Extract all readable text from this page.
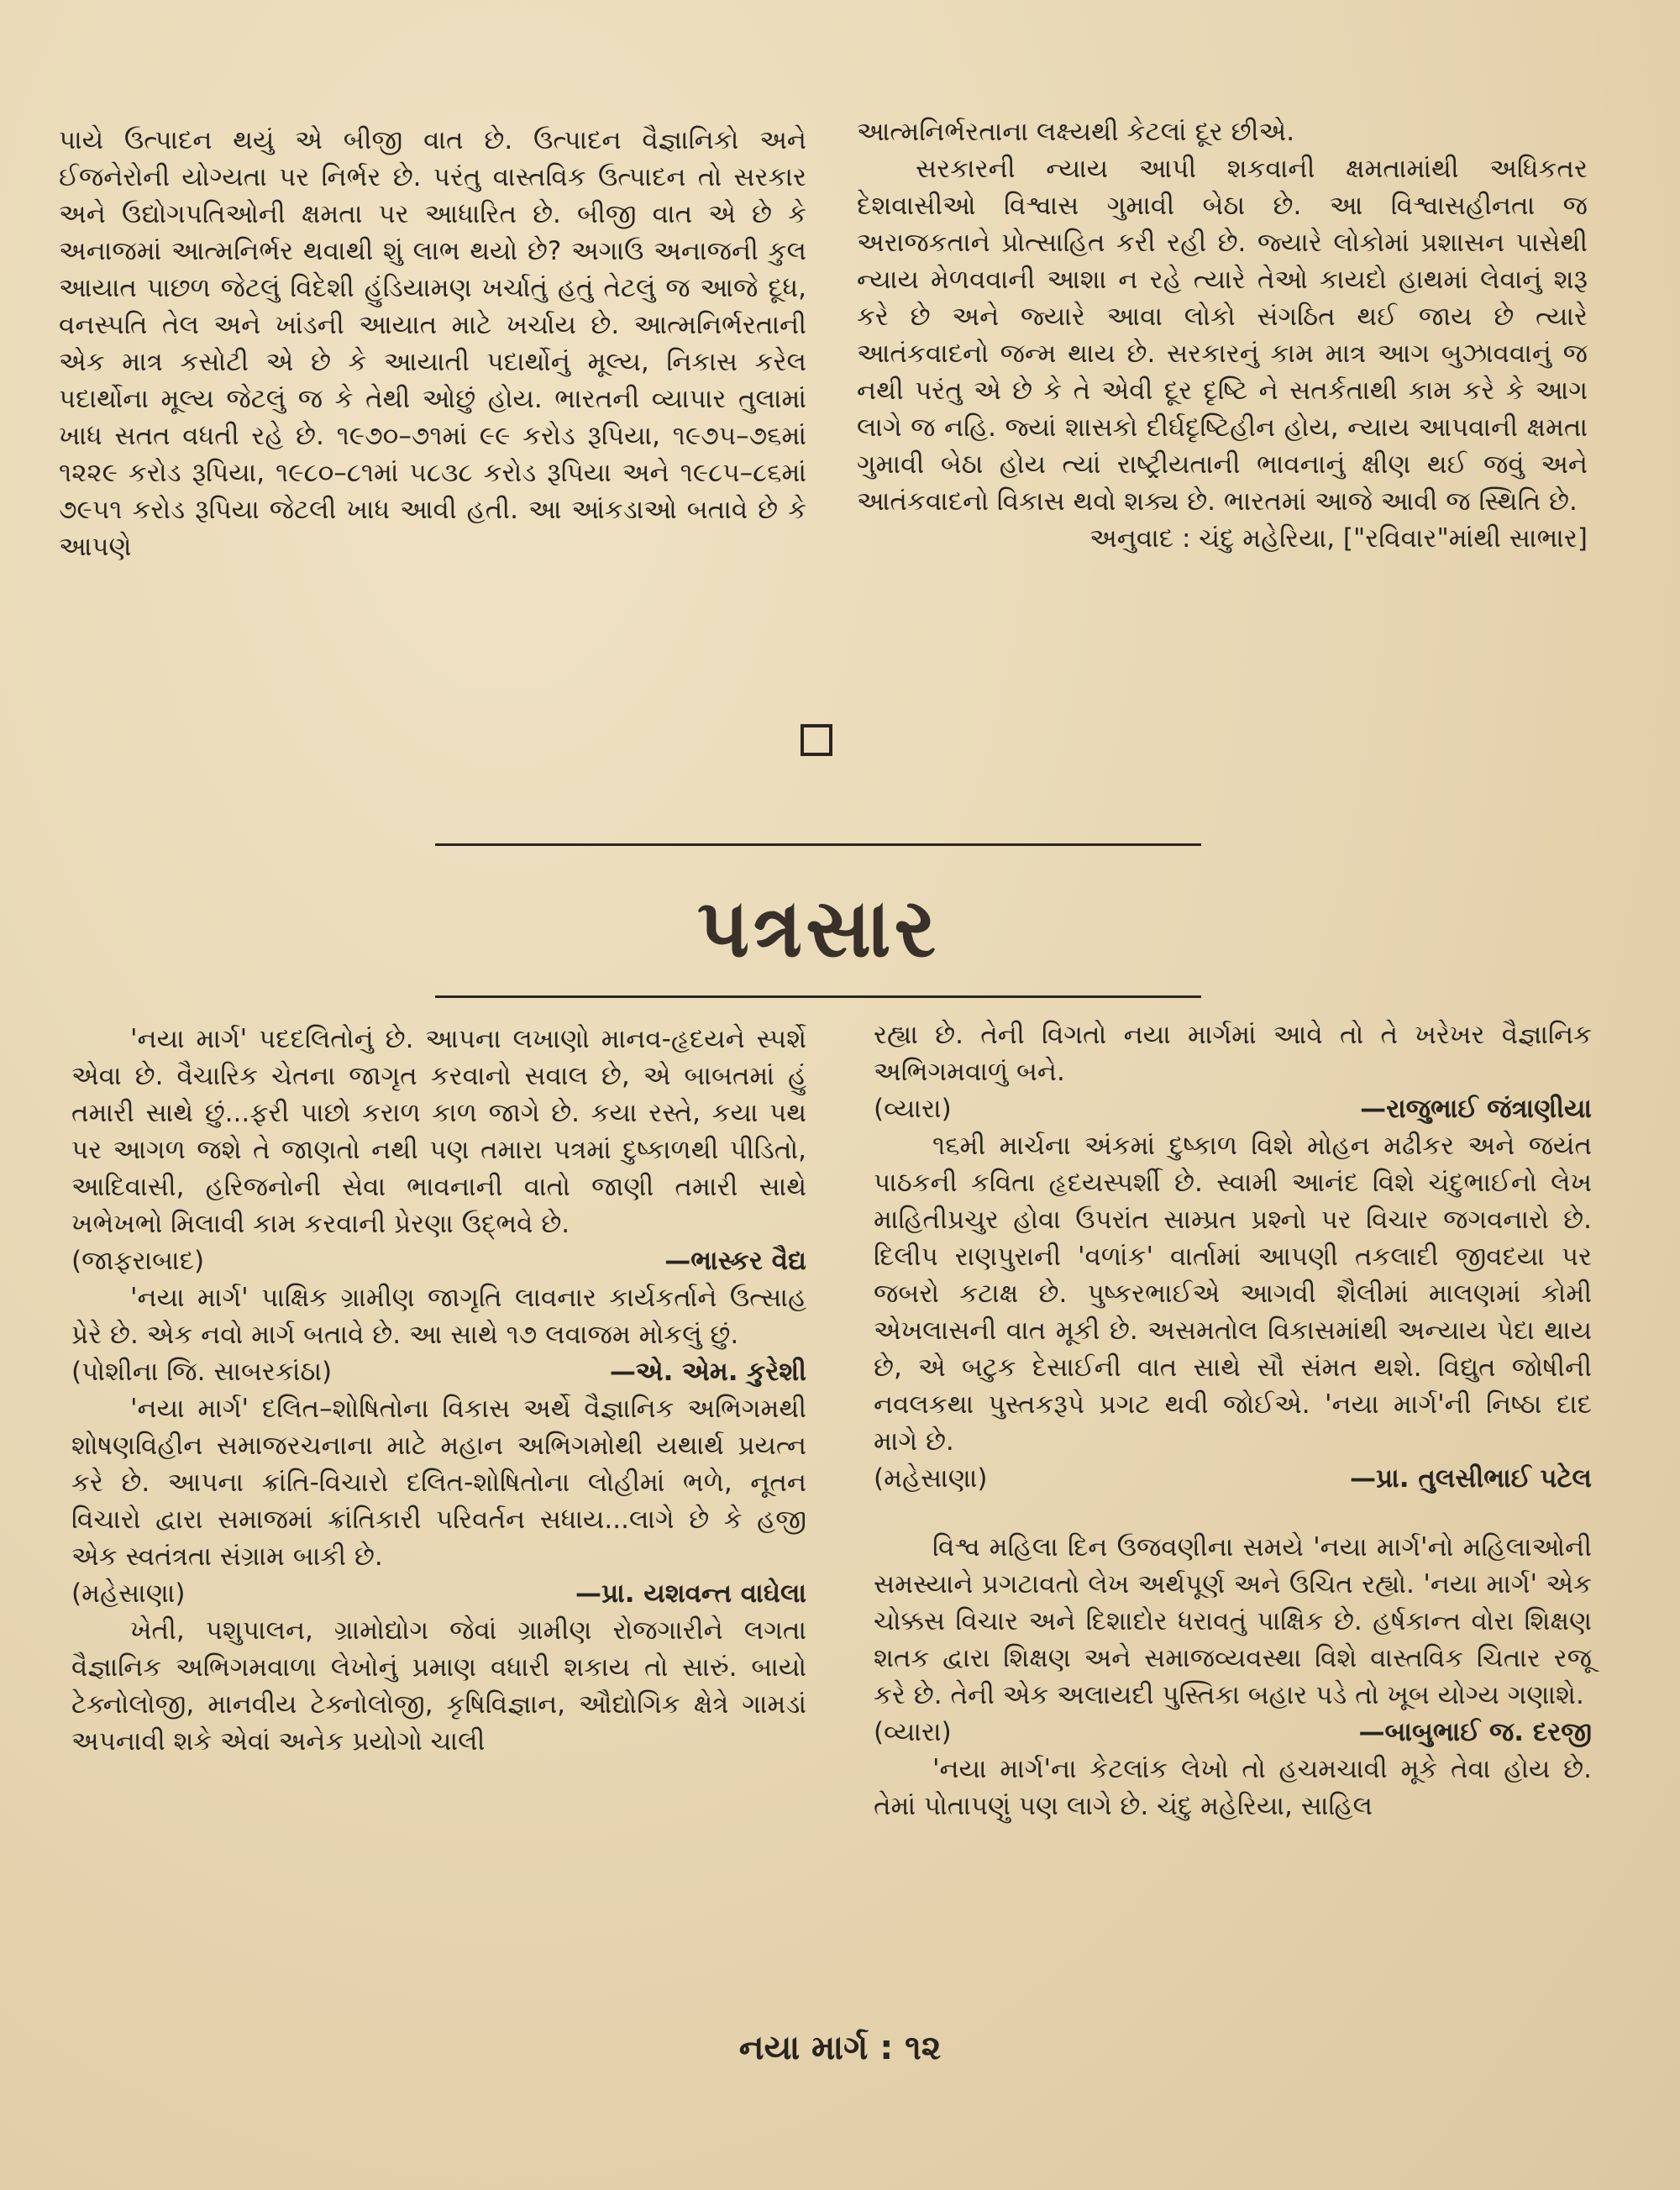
પાયે ઉત્પાદન થયું એ બીજી વાત છે. ઉત્પાદન વૈજ્ઞાનિકો અને ઈજનેરોની યોગ્યતા પર નિર્ભર છે. પરંતુ વાસ્તવિક ઉત્પાદન તો સરકાર અને ઉદ્યોગપતિઓની ક્ષમતા પર આધારિત છે. બીજી વાત એ છે કે અનાજમાં આત્મનિર્ભર થવાથી શું લાભ થયો છે? અગાઉ અનાજની કુલ આયાત પાછળ જેટલું વિદેશી હુંડિયામણ ખર્ચાતું હતું તેટલું જ આજે દૂધ, વનસ્પતિ તેલ અને ખાંડની આયાત માટે ખર્ચાય છે. આત્મનિર્ભરતાની એક માત્ર કસોટી એ છે કે આયાતી પદાર્થોનું મૂલ્ય, નિકાસ કરેલ પદાર્થોના મૂલ્ય જેટલું જ કે તેથી ઓછું હોય. ભારતની વ્યાપાર તુલામાં ખાધ સતત વધતી રહે છે. ૧૯૭૦–૭૧માં ૯૯ કરોડ રૂપિયા, ૧૯૭૫–૭૬માં ૧૨૨૯ કરોડ રૂપિયા, ૧૯૮૦–૮૧માં ૫૮૩૮ કરોડ રૂપિયા અને ૧૯૮૫–૮૬માં ૭૯૫૧ કરોડ રૂપિયા જેટલી ખાધ આવી હતી. આ આંકડાઓ બતાવે છે કે આપણે

આત્મનિર્ભરતાના લક્ષ્યથી કેટલાં દૂર છીએ.

સરકારની ન્યાય આપી શકવાની ક્ષમતામાંથી અધિકતર દેશવાસીઓ વિશ્વાસ ગુમાવી બેઠા છે. આ વિશ્વાસહીનતા જ અરાજકતાને પ્રોત્સાહિત કરી રહી છે. જ્યારે લોકોમાં પ્રશાસન પાસેથી ન્યાય મેળવવાની આશા ન રહે ત્યારે તેઓ કાયદો હાથમાં લેવાનું શરૂ કરે છે અને જ્યારે આવા લોકો સંગઠિત થઈ જાય છે ત્યારે આતંકવાદનો જન્મ થાય છે. સરકારનું કામ માત્ર આગ બુઝાવવાનું જ નથી પરંતુ એ છે કે તે એવી દૂર દૃષ્ટિ ને સતર્કતાથી કામ કરે કે આગ લાગે જ નહિ. જ્યાં શાસકો દીર્ઘદૃષ્ટિહીન હોય, ન્યાય આપવાની ક્ષમતા ગુમાવી બેઠા હોય ત્યાં રાષ્ટ્રીયતાની ભાવનાનું ક્ષીણ થઈ જવું અને આતંકવાદનો વિકાસ થવો શક્ય છે. ભારતમાં આજે આવી જ સ્થિતિ છે.

અનુવાદ : ચંદુ મહેરિયા, ["રવિવાર"માંથી સાભાર]

પત્રસાર

'નયા માર્ગ' પદદલિતોનું છે. આપના લખાણો માનવ-હૃદયને સ્પર્શે એવા છે. વૈચારિક ચેતના જાગૃત કરવાનો સવાલ છે, એ બાબતમાં હું તમારી સાથે છું...ફરી પાછો કરાળ કાળ જાગે છે. કયા રસ્તે, કયા પથ પર આગળ જશે તે જાણતો નથી પણ તમારા પત્રમાં દુષ્કાળથી પીડિતો, આદિવાસી, હરિજનોની સેવા ભાવનાની વાતો જાણી તમારી સાથે ખભેખભો મિલાવી કામ કરવાની પ્રેરણા ઉદ્ભવે છે.

(જાફરાબાદ)	—ભાસ્કર વૈદ્ય

'નયા માર્ગ' પાક્ષિક ગ્રામીણ જાગૃતિ લાવનાર કાર્યકર્તાને ઉત્સાહ પ્રેરે છે. એક નવો માર્ગ બતાવે છે. આ સાથે ૧૭ લવાજમ મોકલું છું.

(પોશીના જિ. સાબરકાંઠા)	—એ. એમ. કુરેશી

'નયા માર્ગ' દલિત–શોષિતોના વિકાસ અર્થે વૈજ્ઞાનિક અભિગમથી શોષણવિહીન સમાજરચનાના માટે મહાન અભિગમોથી યથાર્થ પ્રયત્ન કરે છે. આપના ક્રાંતિ-વિચારો દલિત-શોષિતોના લોહીમાં ભળે, નૂતન વિચારો દ્વારા સમાજમાં ક્રાંતિકારી પરિવર્તન સધાય...લાગે છે કે હજી એક સ્વતંત્રતા સંગ્રામ બાકી છે.

(મહેસાણા)	—પ્રા. યશવન્ત વાઘેલા

ખેતી, પશુપાલન, ગ્રામોદ્યોગ જેવાં ગ્રામીણ રોજગારીને લગતા વૈજ્ઞાનિક અભિગમવાળા લેખોનું પ્રમાણ વધારી શકાય તો સારું. બાયો ટેક્નોલોજી, માનવીય ટેક્નોલોજી, કૃષિવિજ્ઞાન, ઔદ્યોગિક ક્ષેત્રે ગામડાં અપનાવી શકે એવાં અનેક પ્રયોગો ચાલી

રહ્યા છે. તેની વિગતો નયા માર્ગમાં આવે તો તે ખરેખર વૈજ્ઞાનિક અભિગમવાળું બને.

(વ્યારા)	—રાજુભાઈ જંત્રાણીયા

૧૬મી માર્ચના અંકમાં દુષ્કાળ વિશે મોહન મઢીકર અને જયંત પાઠકની કવિતા હૃદયસ્પર્શી છે. સ્વામી આનંદ વિશે ચંદુભાઈનો લેખ માહિતીપ્રચુર હોવા ઉપરાંત સામ્પ્રત પ્રશ્નો પર વિચાર જગવનારો છે. દિલીપ રાણપુરાની 'વળાંક' વાર્તામાં આપણી તકલાદી જીવદયા પર જબરો કટાક્ષ છે. પુષ્કરભાઈએ આગવી શૈલીમાં માલણમાં કોમી એખલાસની વાત મૂકી છે. અસમતોલ વિકાસમાંથી અન્યાય પેદા થાય છે, એ બટુક દેસાઈની વાત સાથે સૌ સંમત થશે. વિદ્યુત જોષીની નવલકથા પુસ્તકરૂપે પ્રગટ થવી જોઈએ. 'નયા માર્ગ'ની નિષ્ઠા દાદ માગે છે.

(મહેસાણા)	—પ્રા. તુલસીભાઈ પટેલ

વિશ્વ મહિલા દિન ઉજવણીના સમયે 'નયા માર્ગ'નો મહિલાઓની સમસ્યાને પ્રગટાવતો લેખ અર્થપૂર્ણ અને ઉચિત રહ્યો. 'નયા માર્ગ' એક ચોક્કસ વિચાર અને દિશાદોર ધરાવતું પાક્ષિક છે. હર્ષકાન્ત વોરા શિક્ષણ શતક દ્વારા શિક્ષણ અને સમાજવ્યવસ્થા વિશે વાસ્તવિક ચિતાર રજૂ કરે છે. તેની એક અલાયદી પુસ્તિકા બહાર પડે તો ખૂબ યોગ્ય ગણાશે.

(વ્યારા)	—બાબુભાઈ જ. દરજી

'નયા માર્ગ'ના કેટલાંક લેખો તો હચમચાવી મૂકે તેવા હોય છે. તેમાં પોતાપણું પણ લાગે છે. ચંદુ મહેરિયા, સાહિલ

નયા માર્ગ : ૧૨
